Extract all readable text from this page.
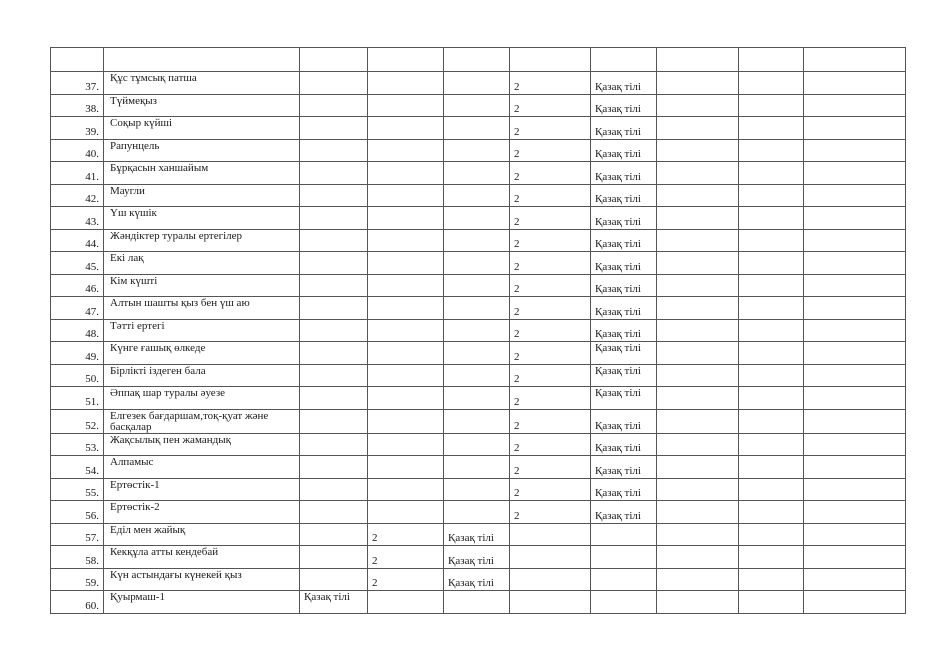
37.	Құс тұмсық патша				2	Қазақ тілі			
38.	Түймеқыз				2	Қазақ тілі			
39.	Соқыр күйші				2	Қазақ тілі			
40.	Рапунцель				2	Қазақ тілі			
41.	Бұрқасын ханшайым				2	Қазақ тілі			
42.	Маугли				2	Қазақ тілі			
43.	Үш күшік				2	Қазақ тілі			
44.	Жәндіктер туралы ертегілер				2	Қазақ тілі			
45.	Екі лақ				2	Қазақ тілі			
46.	Кім күшті				2	Қазақ тілі			
47.	Алтын шашты қыз бен үш аю				2	Қазақ тілі			
48.	Тәтті ертегі				2	Қазақ тілі			
49.	Күнге ғашық өлкеде				2	Қазақ тілі			
50.	Бірлікті іздеген бала				2	Қазақ тілі			
51.	Әппақ шар туралы әуезе				2	Қазақ тілі			
52.	Елгезек бағдаршам,тоқ-қуат және басқалар				2	Қазақ тілі			
53.	Жақсылық пен жамандық				2	Қазақ тілі			
54.	Алпамыс				2	Қазақ тілі			
55.	Ертөстік-1				2	Қазақ тілі			
56.	Ертөстік-2				2	Қазақ тілі			
57.	Еділ мен жайық		2	Қазақ тілі					
58.	Кекқұла атты кендебай		2	Қазақ тілі					
59.	Күн астындағы күнекей қыз		2	Қазақ тілі					
60.	Қуырмаш-1	Қазақ тілі							
